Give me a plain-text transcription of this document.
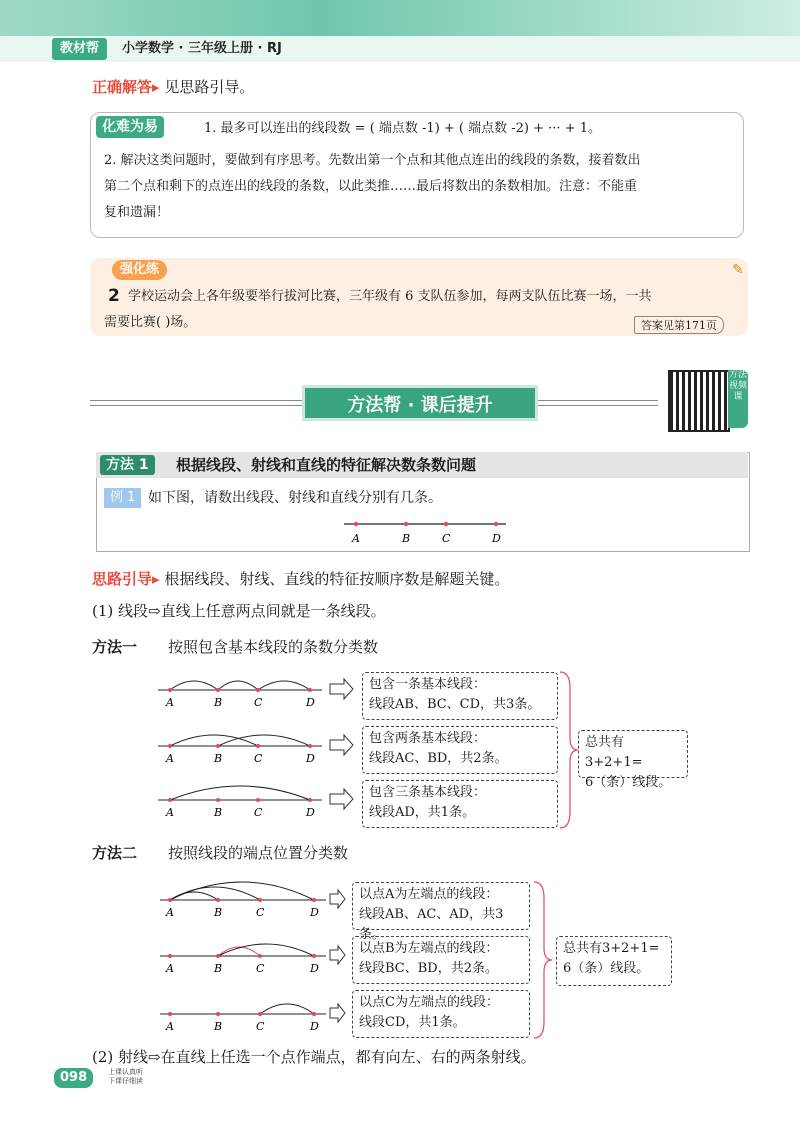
教材帮	小学数学 · 三年级上册 · RJ
正确解答▸ 见思路引导。
化难为易	1. 最多可以连出的线段数 = ( 端点数 -1) + ( 端点数 -2) + ··· + 1。
2. 解决这类问题时，要做到有序思考。先数出第一个点和其他点连出的线段的条数，接着数出
第二个点和剩下的点连出的线段的条数，以此类推……最后将数出的条数相加。注意：不能重
复和遗漏！
强化练	✎
2 学校运动会上各年级要举行拔河比赛，三年级有 6 支队伍参加，每两支队伍比赛一场，一共
需要比赛( )场。	答案见第171页
方法帮 · 课后提升
方法视频课
方法 1	根据线段、射线和直线的特征解决数条数问题
例 1 如下图，请数出线段、射线和直线分别有几条。
A	B	C	D
思路引导▸ 根据线段、射线、直线的特征按顺序数是解题关键。
(1) 线段⇨直线上任意两点间就是一条线段。
方法一 按照包含基本线段的条数分类数
A	B	C	D
A	B	C	D
A	B	C	D
包含一条基本线段：
线段AB、BC、CD，共3条。
包含两条基本线段：
线段AC、BD，共2条。
包含三条基本线段：
线段AD，共1条。
总共有3+2+1=
6（条）线段。
方法二 按照线段的端点位置分类数
A	B	C	D
A	B	C	D
A	B	C	D
以点A为左端点的线段：
线段AB、AC、AD，共3条。
以点B为左端点的线段：
线段BC、BD，共2条。
以点C为左端点的线段：
线段CD，共1条。
总共有3+2+1=
6（条）线段。
(2) 射线⇨在直线上任选一个点作端点，都有向左、右的两条射线。
098	上课认真听
下课仔细读
